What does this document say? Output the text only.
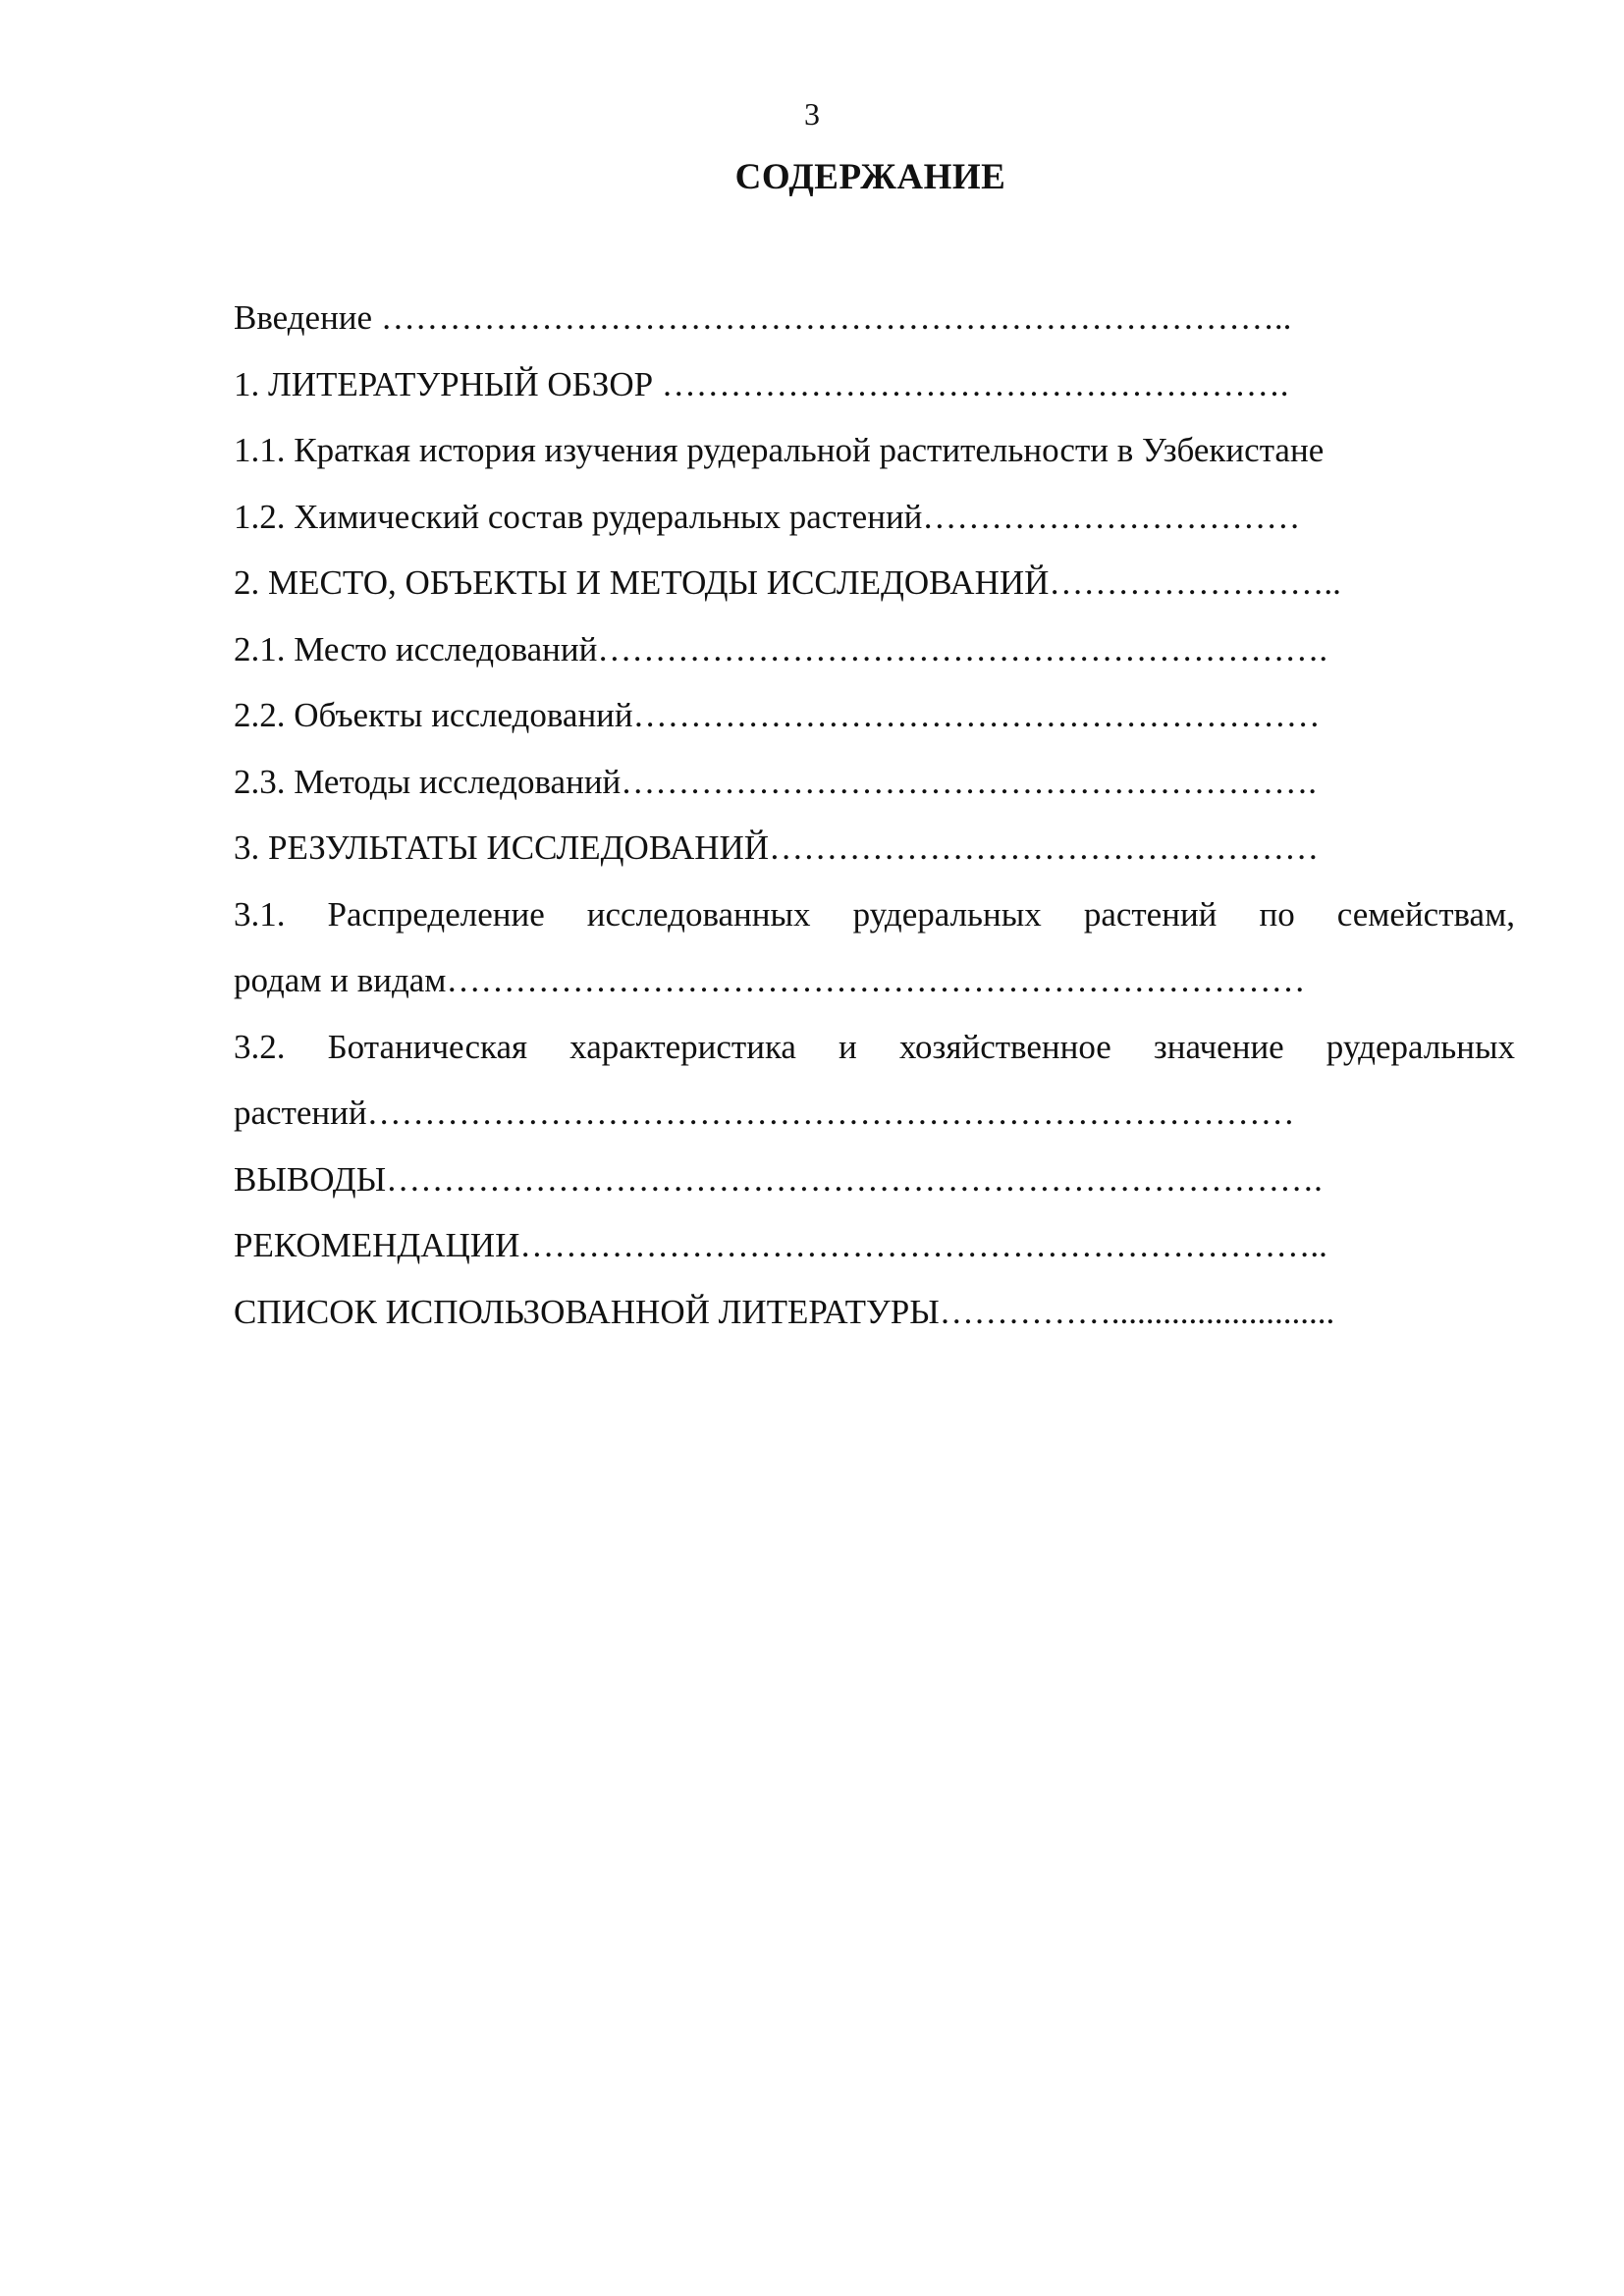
3
СОДЕРЖАНИЕ
Введение ……………………………………………………………………..
1. ЛИТЕРАТУРНЫЙ ОБЗОР ……………………………………………….
1.1. Краткая история изучения рудеральной растительности в Узбекистане
1.2. Химический состав рудеральных растений……………………………
2. МЕСТО, ОБЪЕКТЫ И МЕТОДЫ ИССЛЕДОВАНИЙ……………………..
2.1. Место исследований……………………………………………………….
2.2. Объекты исследований……………………………………………………
2.3. Методы исследований…………………………………………………….
3. РЕЗУЛЬТАТЫ ИССЛЕДОВАНИЙ…………………………………………
3.1. Распределение исследованных рудеральных растений по семействам,
родам и видам…………………………………………………………………
3.2. Ботаническая характеристика и хозяйственное значение рудеральных
растений………………………………………………………………………
ВЫВОДЫ……………………………………………………………………….
РЕКОМЕНДАЦИИ……………………………………………………………..
СПИСОК ИСПОЛЬЗОВАННОЙ ЛИТЕРАТУРЫ……………..........................
